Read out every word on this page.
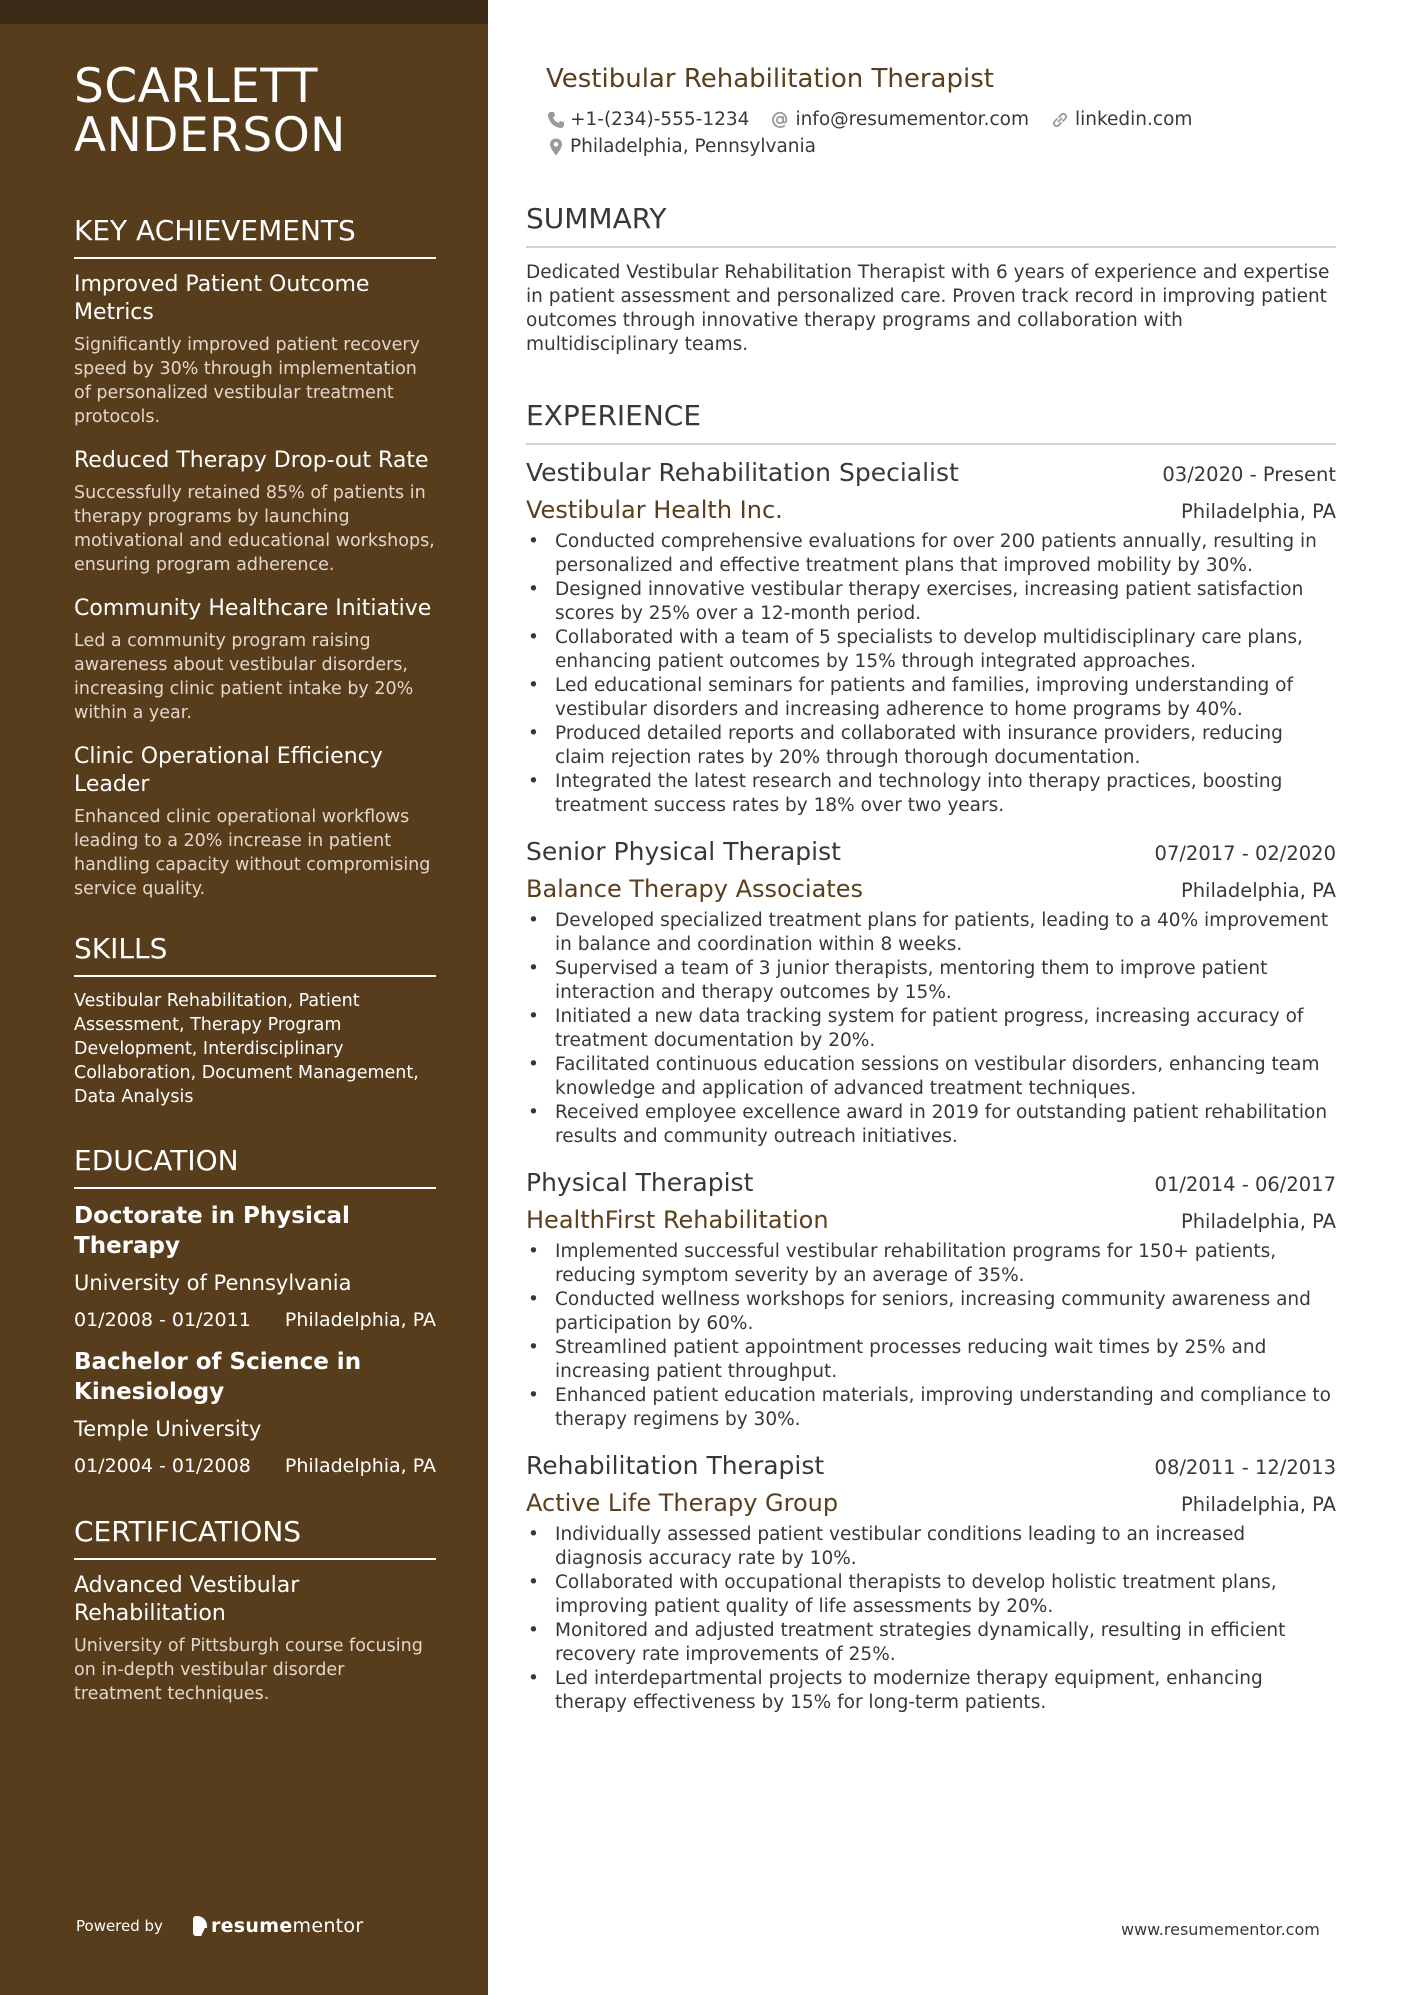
SCARLETT
ANDERSON
KEY ACHIEVEMENTS
Improved Patient Outcome Metrics
Significantly improved patient recovery speed by 30% through implementation of personalized vestibular treatment protocols.
Reduced Therapy Drop-out Rate
Successfully retained 85% of patients in therapy programs by launching motivational and educational workshops, ensuring program adherence.
Community Healthcare Initiative
Led a community program raising awareness about vestibular disorders, increasing clinic patient intake by 20% within a year.
Clinic Operational Efficiency Leader
Enhanced clinic operational workflows leading to a 20% increase in patient handling capacity without compromising service quality.
SKILLS
Vestibular Rehabilitation, Patient Assessment, Therapy Program Development, Interdisciplinary Collaboration, Document Management, Data Analysis
EDUCATION
Doctorate in Physical Therapy
University of Pennsylvania
01/2008 - 01/2011 Philadelphia, PA
Bachelor of Science in Kinesiology
Temple University
01/2004 - 01/2008 Philadelphia, PA
CERTIFICATIONS
Advanced Vestibular Rehabilitation
University of Pittsburgh course focusing on in-depth vestibular disorder treatment techniques.
Powered by	resume mentor
Vestibular Rehabilitation Therapist
+1-(234)-555-1234 info@resumementor.com linkedin.com
Philadelphia, Pennsylvania
SUMMARY
Dedicated Vestibular Rehabilitation Therapist with 6 years of experience and expertise in patient assessment and personalized care. Proven track record in improving patient outcomes through innovative therapy programs and collaboration with multidisciplinary teams.
EXPERIENCE
Vestibular Rehabilitation Specialist	03/2020 - Present
Vestibular Health Inc.	Philadelphia, PA
• Conducted comprehensive evaluations for over 200 patients annually, resulting in personalized and effective treatment plans that improved mobility by 30%.
• Designed innovative vestibular therapy exercises, increasing patient satisfaction scores by 25% over a 12-month period.
• Collaborated with a team of 5 specialists to develop multidisciplinary care plans, enhancing patient outcomes by 15% through integrated approaches.
• Led educational seminars for patients and families, improving understanding of vestibular disorders and increasing adherence to home programs by 40%.
• Produced detailed reports and collaborated with insurance providers, reducing claim rejection rates by 20% through thorough documentation.
• Integrated the latest research and technology into therapy practices, boosting treatment success rates by 18% over two years.
Senior Physical Therapist	07/2017 - 02/2020
Balance Therapy Associates	Philadelphia, PA
• Developed specialized treatment plans for patients, leading to a 40% improvement in balance and coordination within 8 weeks.
• Supervised a team of 3 junior therapists, mentoring them to improve patient interaction and therapy outcomes by 15%.
• Initiated a new data tracking system for patient progress, increasing accuracy of treatment documentation by 20%.
• Facilitated continuous education sessions on vestibular disorders, enhancing team knowledge and application of advanced treatment techniques.
• Received employee excellence award in 2019 for outstanding patient rehabilitation results and community outreach initiatives.
Physical Therapist	01/2014 - 06/2017
HealthFirst Rehabilitation	Philadelphia, PA
• Implemented successful vestibular rehabilitation programs for 150+ patients, reducing symptom severity by an average of 35%.
• Conducted wellness workshops for seniors, increasing community awareness and participation by 60%.
• Streamlined patient appointment processes reducing wait times by 25% and increasing patient throughput.
• Enhanced patient education materials, improving understanding and compliance to therapy regimens by 30%.
Rehabilitation Therapist	08/2011 - 12/2013
Active Life Therapy Group	Philadelphia, PA
• Individually assessed patient vestibular conditions leading to an increased diagnosis accuracy rate by 10%.
• Collaborated with occupational therapists to develop holistic treatment plans, improving patient quality of life assessments by 20%.
• Monitored and adjusted treatment strategies dynamically, resulting in efficient recovery rate improvements of 25%.
• Led interdepartmental projects to modernize therapy equipment, enhancing therapy effectiveness by 15% for long-term patients.
www.resumementor.com
